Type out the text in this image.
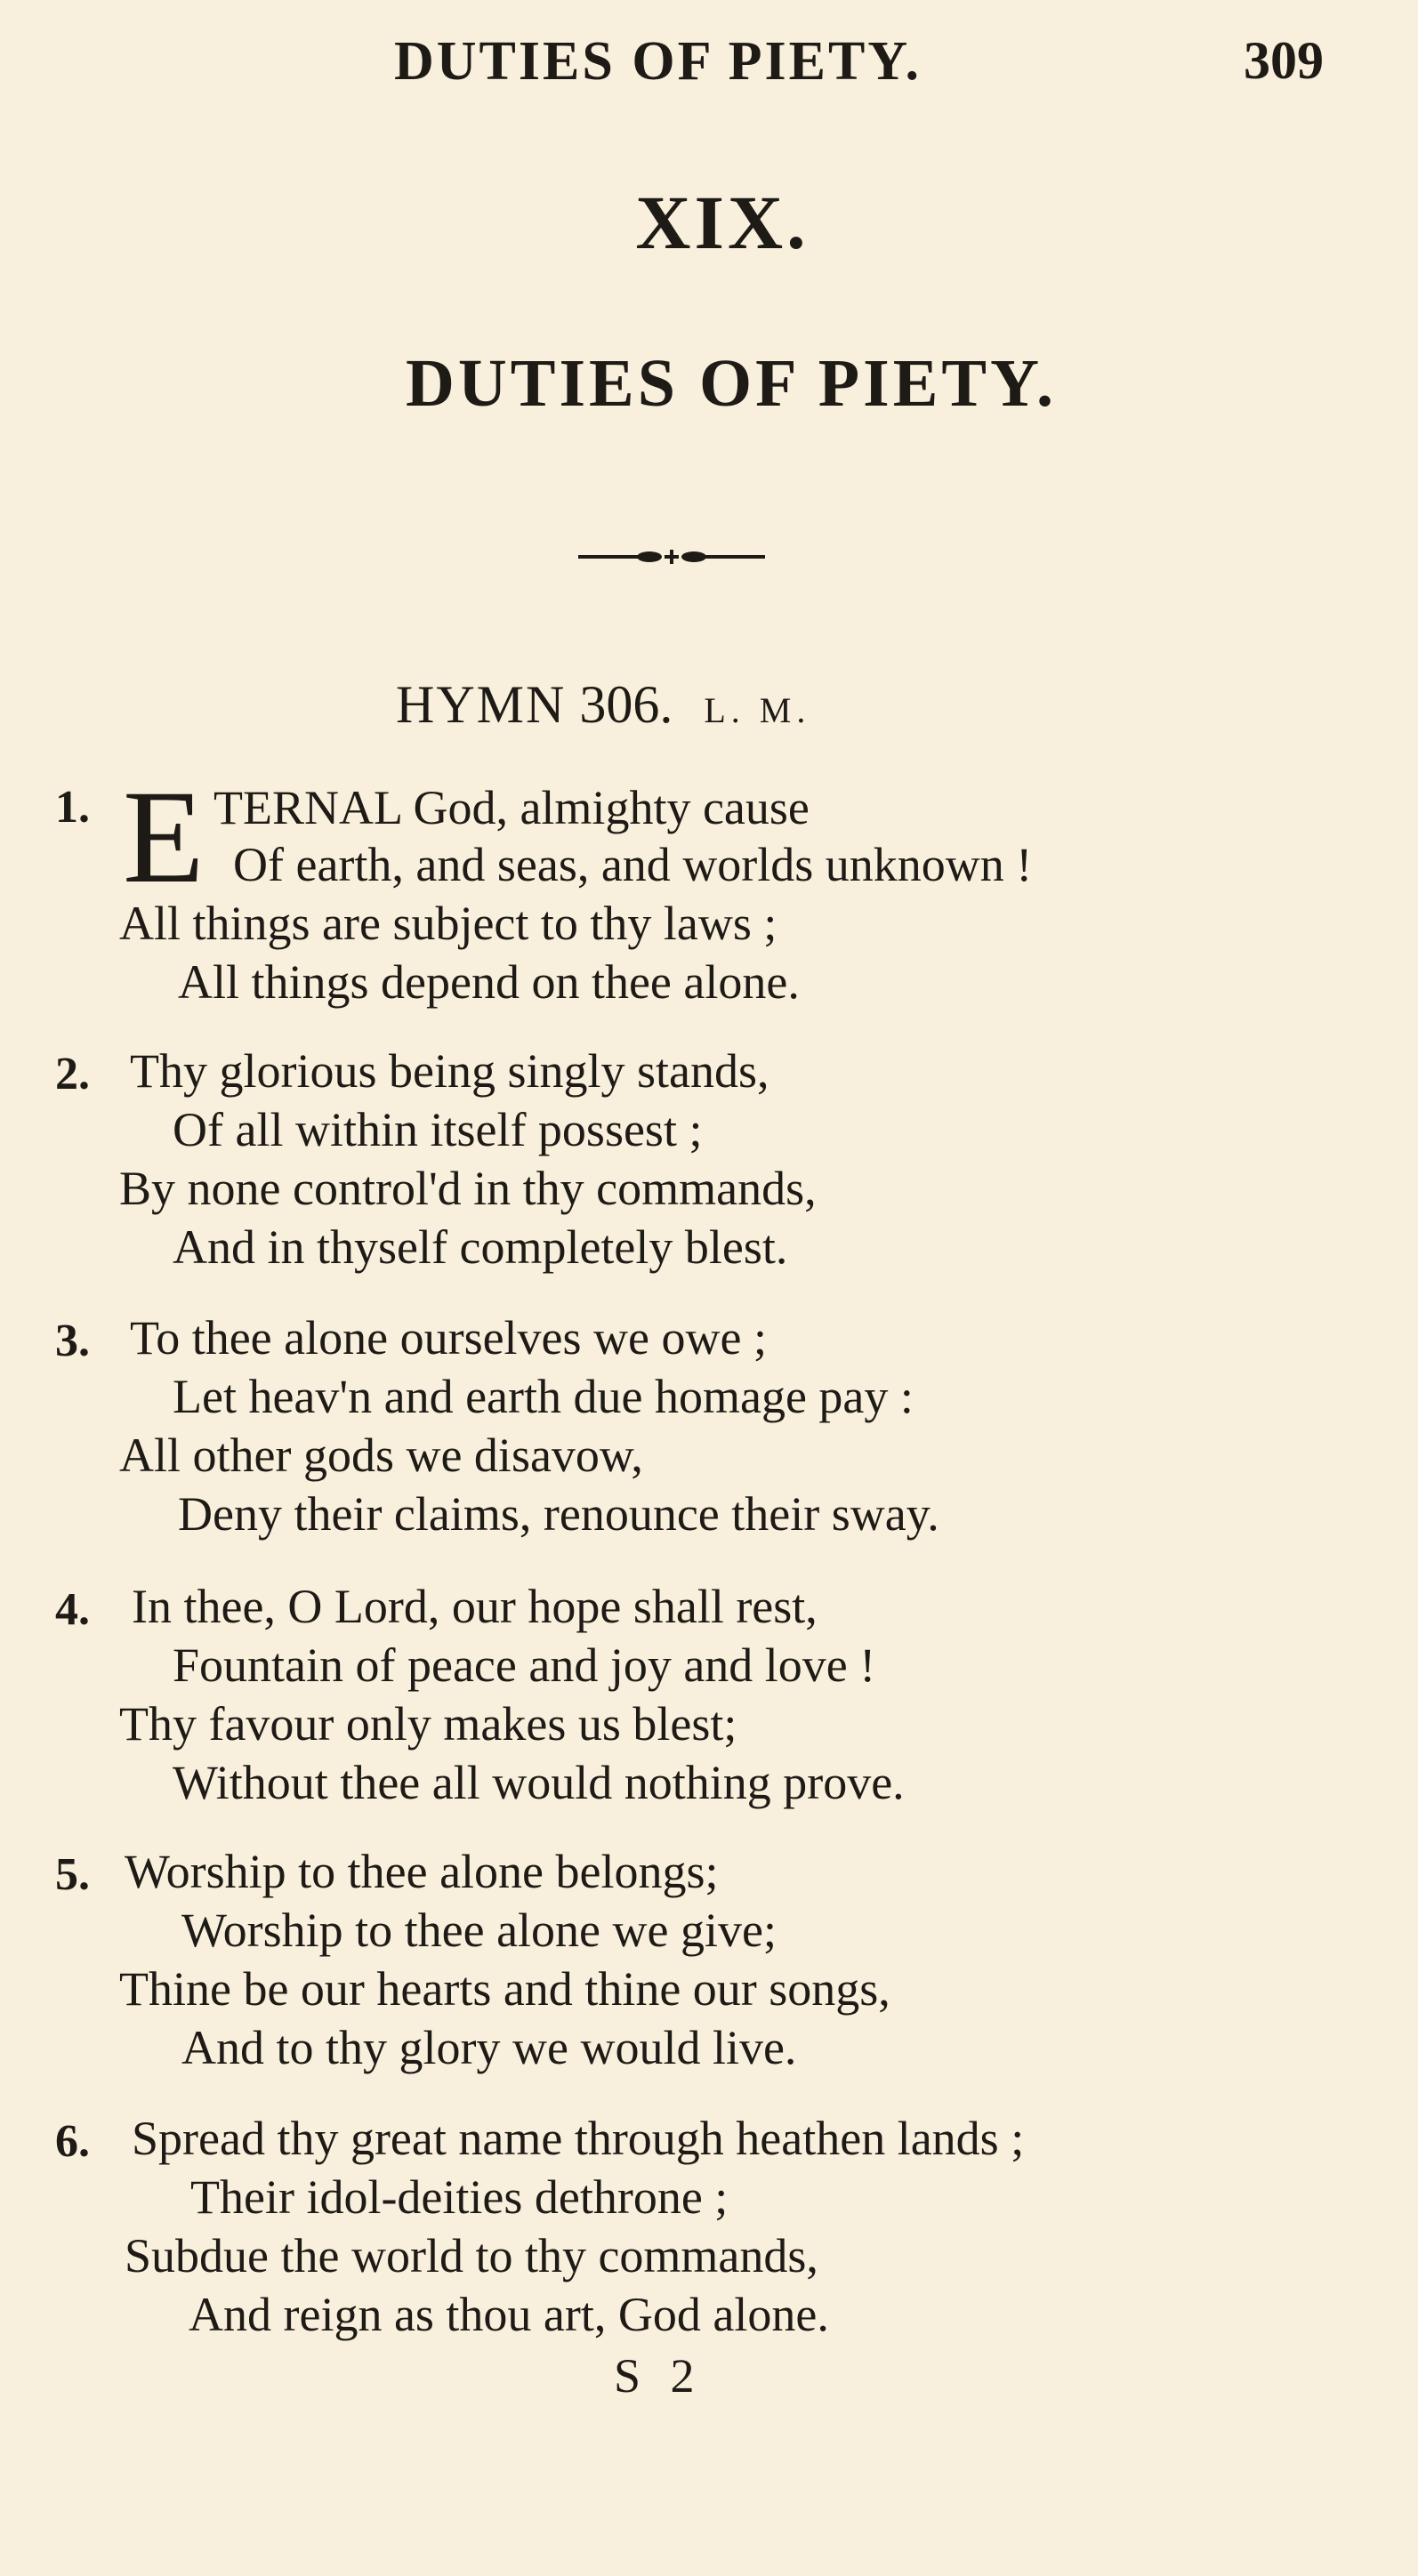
DUTIES OF PIETY.	309
XIX.
DUTIES OF PIETY.
HYMN 306. L. M.
1. E TERNAL God, almighty cause
Of earth, and seas, and worlds unknown !
All things are subject to thy laws ;
All things depend on thee alone.
2. Thy glorious being singly stands,
Of all within itself possest ;
By none control'd in thy commands,
And in thyself completely blest.
3. To thee alone ourselves we owe ;
Let heav'n and earth due homage pay :
All other gods we disavow,
Deny their claims, renounce their sway.
4. In thee, O Lord, our hope shall rest,
Fountain of peace and joy and love !
Thy favour only makes us blest;
Without thee all would nothing prove.
5. Worship to thee alone belongs;
Worship to thee alone we give;
Thine be our hearts and thine our songs,
And to thy glory we would live.
6. Spread thy great name through heathen lands ;
Their idol-deities dethrone ;
Subdue the world to thy commands,
And reign as thou art, God alone.
S 2
